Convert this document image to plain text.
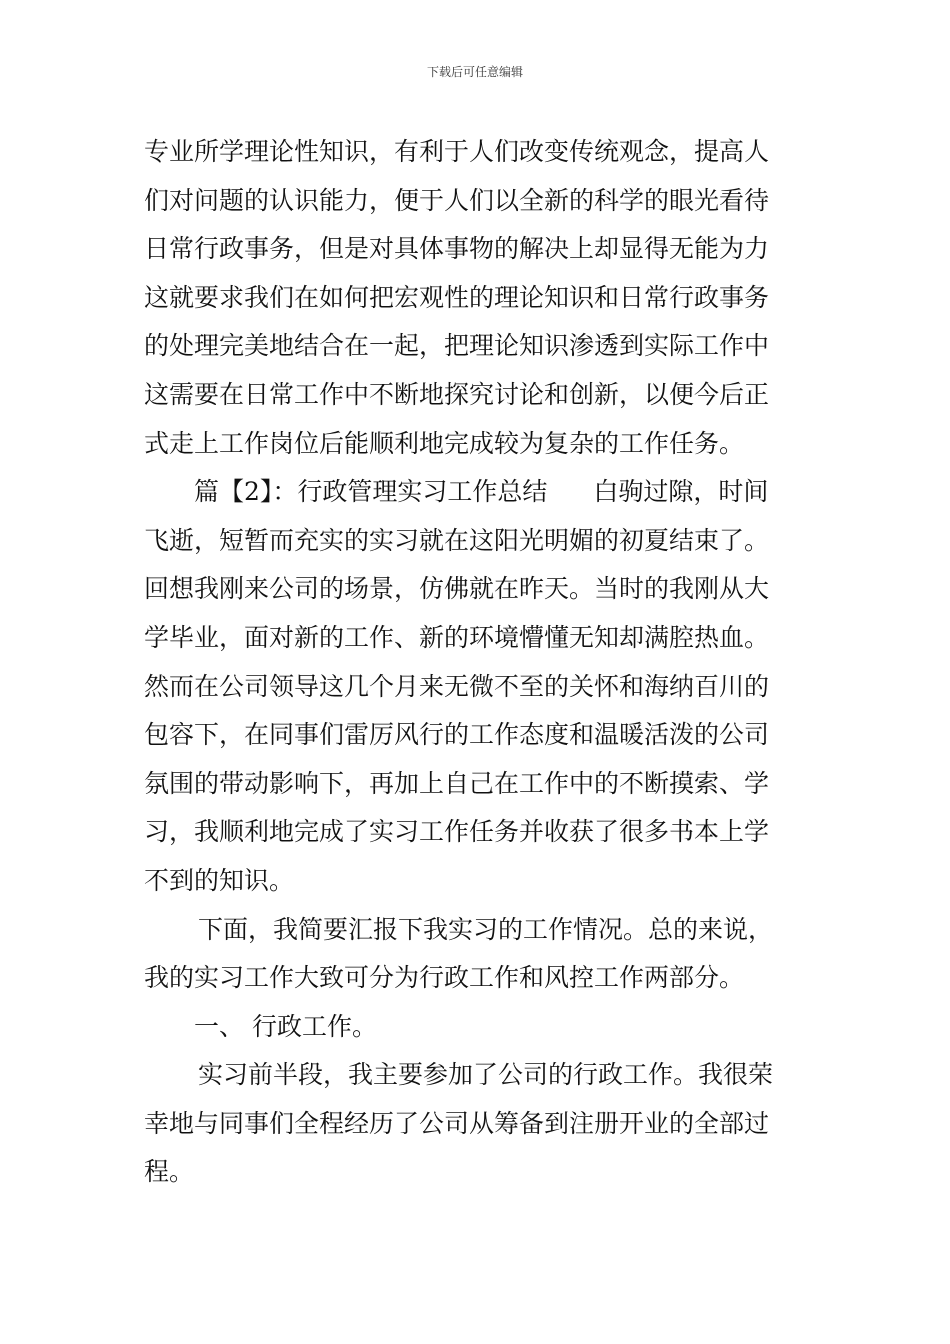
下载后可任意编辑
专业所学理论性知识，有利于人们改变传统观念，提高人
们对问题的认识能力，便于人们以全新的科学的眼光看待
日常行政事务，但是对具体事物的解决上却显得无能为力
这就要求我们在如何把宏观性的理论知识和日常行政事务
的处理完美地结合在一起，把理论知识渗透到实际工作中
这需要在日常工作中不断地探究讨论和创新，以便今后正
式走上工作岗位后能顺利地完成较为复杂的工作任务。
篇【2】：行政管理实习工作总结 白驹过隙，时间
飞逝，短暂而充实的实习就在这阳光明媚的初夏结束了。
回想我刚来公司的场景，仿佛就在昨天。当时的我刚从大
学毕业，面对新的工作、新的环境懵懂无知却满腔热血。
然而在公司领导这几个月来无微不至的关怀和海纳百川的
包容下，在同事们雷厉风行的工作态度和温暖活泼的公司
氛围的带动影响下，再加上自己在工作中的不断摸索、学
习，我顺利地完成了实习工作任务并收获了很多书本上学
不到的知识。
下面，我简要汇报下我实习的工作情况。总的来说，
我的实习工作大致可分为行政工作和风控工作两部分。
一、 行政工作。
实习前半段，我主要参加了公司的行政工作。我很荣
幸地与同事们全程经历了公司从筹备到注册开业的全部过
程。
